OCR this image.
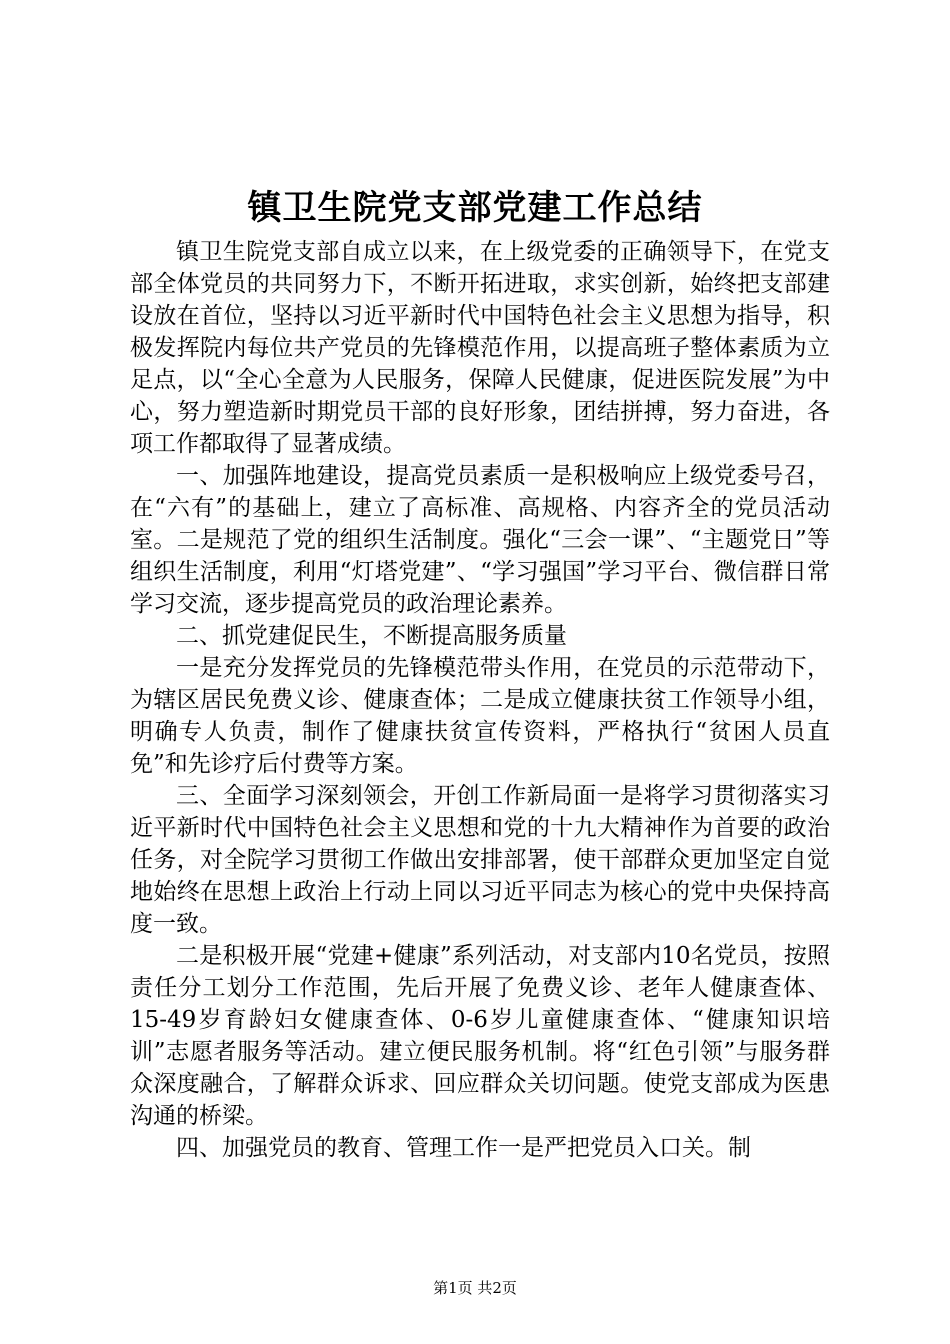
镇卫生院党支部党建工作总结

镇卫生院党支部自成立以来，在上级党委的正确领导下，在党支部全体党员的共同努力下，不断开拓进取，求实创新，始终把支部建设放在首位，坚持以习近平新时代中国特色社会主义思想为指导，积极发挥院内每位共产党员的先锋模范作用，以提高班子整体素质为立足点，以“全心全意为人民服务，保障人民健康，促进医院发展”为中心，努力塑造新时期党员干部的良好形象，团结拼搏，努力奋进，各项工作都取得了显著成绩。

一、加强阵地建设，提高党员素质一是积极响应上级党委号召，在“六有”的基础上，建立了高标准、高规格、内容齐全的党员活动室。二是规范了党的组织生活制度。强化“三会一课”、“主题党日”等组织生活制度，利用“灯塔党建”、“学习强国”学习平台、微信群日常学习交流，逐步提高党员的政治理论素养。

二、抓党建促民生，不断提高服务质量

一是充分发挥党员的先锋模范带头作用，在党员的示范带动下，为辖区居民免费义诊、健康查体；二是成立健康扶贫工作领导小组，明确专人负责，制作了健康扶贫宣传资料，严格执行“贫困人员直免”和先诊疗后付费等方案。

三、全面学习深刻领会，开创工作新局面一是将学习贯彻落实习近平新时代中国特色社会主义思想和党的十九大精神作为首要的政治任务，对全院学习贯彻工作做出安排部署，使干部群众更加坚定自觉地始终在思想上政治上行动上同以习近平同志为核心的党中央保持高度一致。

二是积极开展“党建+健康”系列活动，对支部内10名党员，按照责任分工划分工作范围，先后开展了免费义诊、老年人健康查体、15-49岁育龄妇女健康查体、0-6岁儿童健康查体、“健康知识培训”志愿者服务等活动。建立便民服务机制。将“红色引领”与服务群众深度融合，了解群众诉求、回应群众关切问题。使党支部成为医患沟通的桥梁。

四、加强党员的教育、管理工作一是严把党员入口关。制

第1页 共2页
